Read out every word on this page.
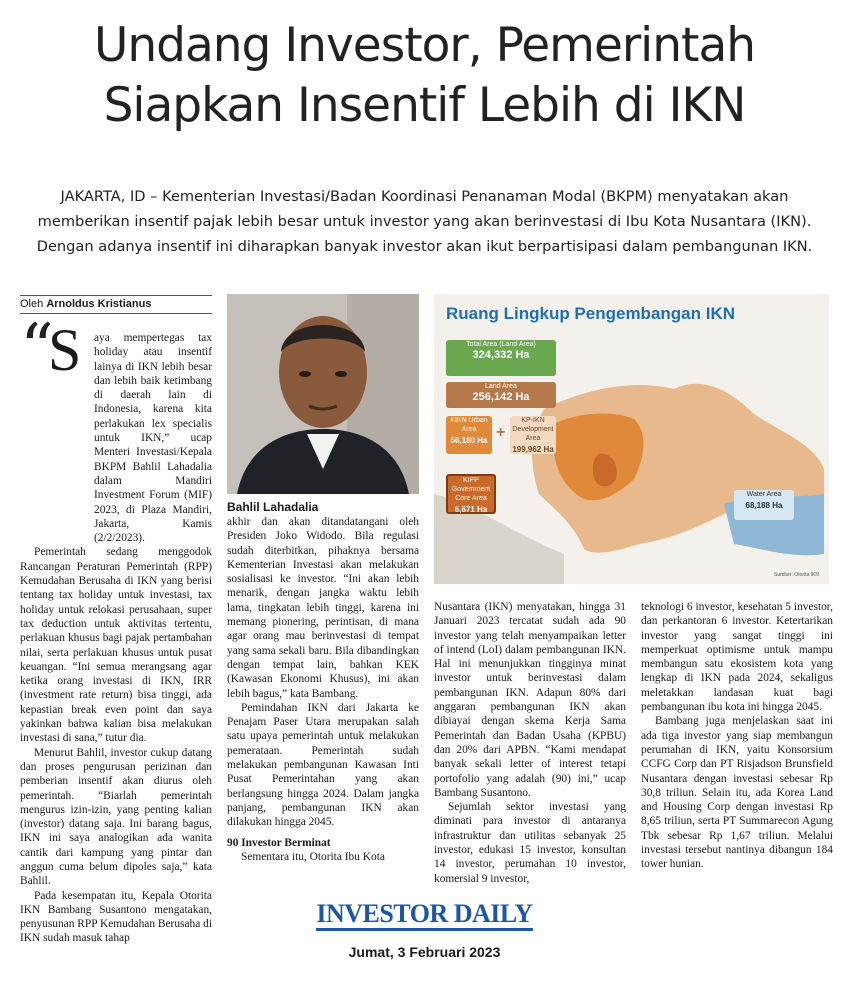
Undang Investor, Pemerintah
Siapkan Insentif Lebih di IKN
JAKARTA, ID – Kementerian Investasi/Badan Koordinasi Penanaman Modal (BKPM) menyatakan akan memberikan insentif pajak lebih besar untuk investor yang akan berinvestasi di Ibu Kota Nusantara (IKN). Dengan adanya insentif ini diharapkan banyak investor akan ikut berpartisipasi dalam pembangunan IKN.
Oleh Arnoldus Kristianus
“
S aya mempertegas tax holiday atau insentif lainya di IKN lebih besar dan lebih baik ketimbang di daerah lain di Indonesia, karena kita perlakukan lex specialis untuk IKN,” ucap Menteri Investasi/Kepala BKPM Bahlil Lahadalia dalam Mandiri Investment Forum (MIF) 2023, di Plaza Mandiri, Jakarta, Kamis (2/2/2023).

Pemerintah sedang menggodok Rancangan Peraturan Pemerintah (RPP) Kemudahan Berusaha di IKN yang berisi tentang tax holiday untuk investasi, tax holiday untuk relokasi perusahaan, super tax deduction untuk aktivitas tertentu, perlakuan khusus bagi pajak pertambahan nilai, serta perlakuan khusus untuk pusat keuangan. “Ini semua merangsang agar ketika orang investasi di IKN, IRR (investment rate return) bisa tinggi, ada kepastian break even point dan saya yakinkan bahwa kalian bisa melakukan investasi di sana,” tutur dia.

Menurut Bahlil, investor cukup datang dan proses pengurusan perizinan dan pemberian insentif akan diurus oleh pemerintah. “Biarlah pemerintah mengurus izin-izin, yang penting kalian (investor) datang saja. Ini barang bagus, IKN ini saya analogikan ada wanita cantik dari kampung yang pintar dan anggun cuma belum dipoles saja,” kata Bahlil.

Pada kesempatan itu, Kepala Otorita IKN Bambang Susantono mengatakan, penyusunan RPP Kemudahan Berusaha di IKN sudah masuk tahap

Bahlil Lahadalia

akhir dan akan ditandatangani oleh Presiden Joko Widodo. Bila regulasi sudah diterbitkan, pihaknya bersama Kementerian Investasi akan melakukan sosialisasi ke investor. “Ini akan lebih menarik, dengan jangka waktu lebih lama, tingkatan lebih tinggi, karena ini memang pionering, perintisan, di mana agar orang mau berinvestasi di tempat yang sama sekali baru. Bila dibandingkan dengan tempat lain, bahkan KEK (Kawasan Ekonomi Khusus), ini akan lebih bagus,” kata Bambang.

Pemindahan IKN dari Jakarta ke Penajam Paser Utara merupakan salah satu upaya pemerintah untuk melakukan pemerataan. Pemerintah sudah melakukan pembangunan Kawasan Inti Pusat Pemerintahan yang akan berlangsung hingga 2024. Dalam jangka panjang, pembangunan IKN akan dilakukan hingga 2045.

90 Investor Berminat

Sementara itu, Otorita Ibu Kota

Ruang Lingkup Pengembangan IKN
Total Area (Land Area)
324,332 Ha
Land Area
256,142 Ha
KIKN Urban Area
56,180 Ha +
KP-IKN Development Area
199,962 Ha
KIPP Government Core Area
6,671 Ha
Water Area
68,188 Ha
Sumber: Otorita IKN

Nusantara (IKN) menyatakan, hingga 31 Januari 2023 tercatat sudah ada 90 investor yang telah menyampaikan letter of intend (LoI) dalam pembangunan IKN. Hal ini menunjukkan tingginya minat investor untuk berinvestasi dalam pembangunan IKN. Adapun 80% dari anggaran pembangunan IKN akan dibiayai dengan skema Kerja Sama Pemerintah dan Badan Usaha (KPBU) dan 20% dari APBN. “Kami mendapat banyak sekali letter of interest tetapi portofolio yang adalah (90) ini,” ucap Bambang Susantono.

Sejumlah sektor investasi yang diminati para investor di antaranya infrastruktur dan utilitas sebanyak 25 investor, edukasi 15 investor, konsultan 14 investor, perumahan 10 investor, komersial 9 investor,

teknologi 6 investor, kesehatan 5 investor, dan perkantoran 6 investor. Ketertarikan investor yang sangat tinggi ini memperkuat optimisme untuk mampu membangun satu ekosistem kota yang lengkap di IKN pada 2024, sekaligus meletakkan landasan kuat bagi pembangunan ibu kota ini hingga 2045.

Bambang juga menjelaskan saat ini ada tiga investor yang siap membangun perumahan di IKN, yaitu Konsorsium CCFG Corp dan PT Risjadson Brunsfield Nusantara dengan investasi sebesar Rp 30,8 triliun. Selain itu, ada Korea Land and Housing Corp dengan investasi Rp 8,65 triliun, serta PT Summarecon Agung Tbk sebesar Rp 1,67 triliun. Melalui investasi tersebut nantinya dibangun 184 tower hunian.

INVESTOR DAILY
Jumat, 3 Februari 2023
